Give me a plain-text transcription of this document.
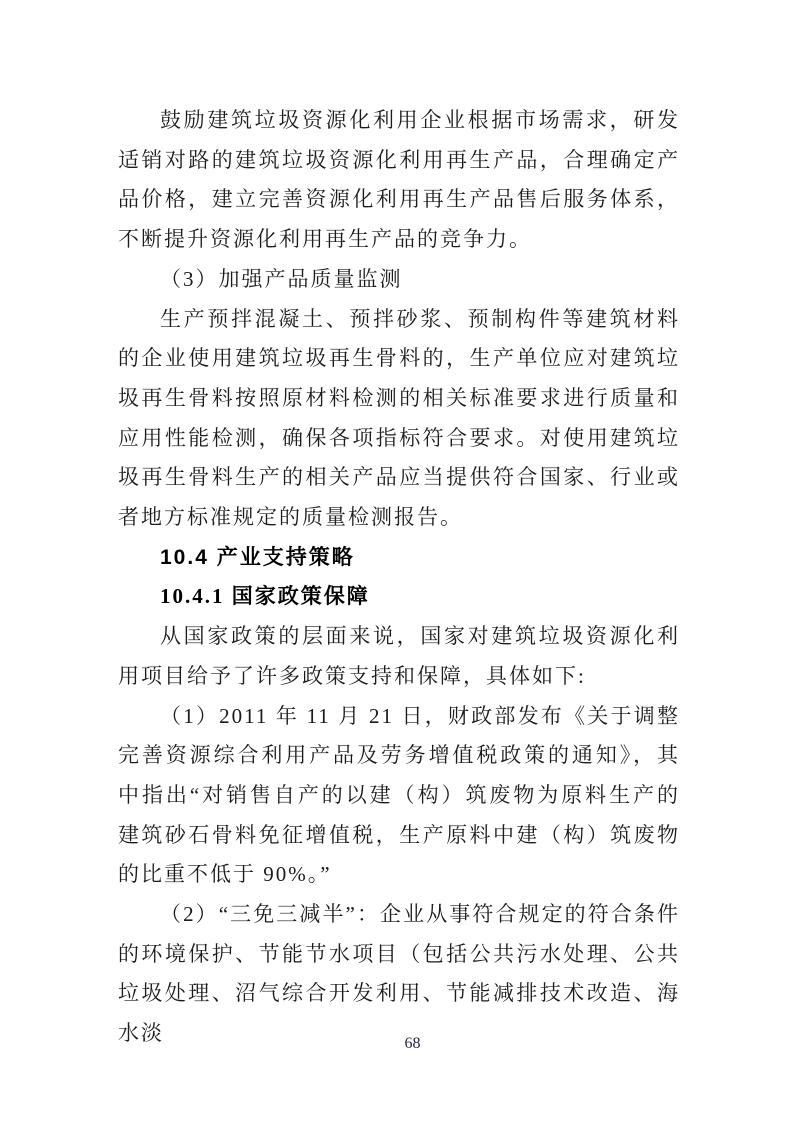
鼓励建筑垃圾资源化利用企业根据市场需求，研发适销对路的建筑垃圾资源化利用再生产品，合理确定产品价格，建立完善资源化利用再生产品售后服务体系，不断提升资源化利用再生产品的竞争力。

（3）加强产品质量监测

生产预拌混凝土、预拌砂浆、预制构件等建筑材料的企业使用建筑垃圾再生骨料的，生产单位应对建筑垃圾再生骨料按照原材料检测的相关标准要求进行质量和应用性能检测，确保各项指标符合要求。对使用建筑垃圾再生骨料生产的相关产品应当提供符合国家、行业或者地方标准规定的质量检测报告。

10.4 产业支持策略
10.4.1 国家政策保障

从国家政策的层面来说，国家对建筑垃圾资源化利用项目给予了许多政策支持和保障，具体如下:

（1）2011 年 11 月 21 日，财政部发布《关于调整完善资源综合利用产品及劳务增值税政策的通知》，其中指出“对销售自产的以建（构）筑废物为原料生产的建筑砂石骨料免征增值税，生产原料中建（构）筑废物的比重不低于 90%。”

（2）“三免三减半”：企业从事符合规定的符合条件的环境保护、节能节水项目（包括公共污水处理、公共垃圾处理、沼气综合开发利用、节能减排技术改造、海水淡	68
